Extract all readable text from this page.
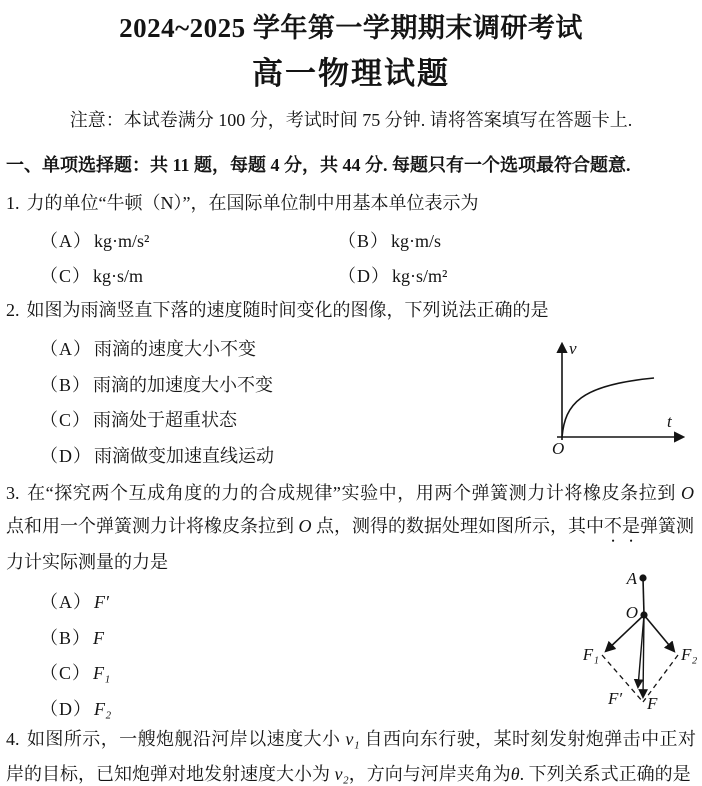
2024~2025 学年第一学期期末调研考试
高一物理试题
注意：本试卷满分 100 分，考试时间 75 分钟. 请将答案填写在答题卡上.
一、单项选择题：共 11 题，每题 4 分，共 44 分. 每题只有一个选项最符合题意.

1. 力的单位“牛顿（N）”，在国际单位制中用基本单位表示为

（A） kg·m/s²	（B） kg·m/s
（C） kg·s/m	（D） kg·s/m²

2. 如图为雨滴竖直下落的速度随时间变化的图像，下列说法正确的是

（A） 雨滴的速度大小不变
（B） 雨滴的加速度大小不变
（C） 雨滴处于超重状态
（D） 雨滴做变加速直线运动
v
t
O

3. 在“探究两个互成角度的力的合成规律”实验中，用两个弹簧测力计将橡皮条拉到 O 点和用一个弹簧测力计将橡皮条拉到 O 点，测得的数据处理如图所示，其中不是弹簧测力计实际测量的力是

（A） F′
（B） F
（C） F₁
（D） F₂
A
O
F₁	F₂
F′ F

4. 如图所示，一艘炮舰沿河岸以速度大小 v₁ 自西向东行驶，某时刻发射炮弹击中正对岸的目标，已知炮弹对地发射速度大小为 v₂，方向与河岸夹角为θ. 下列关系式正确的是
